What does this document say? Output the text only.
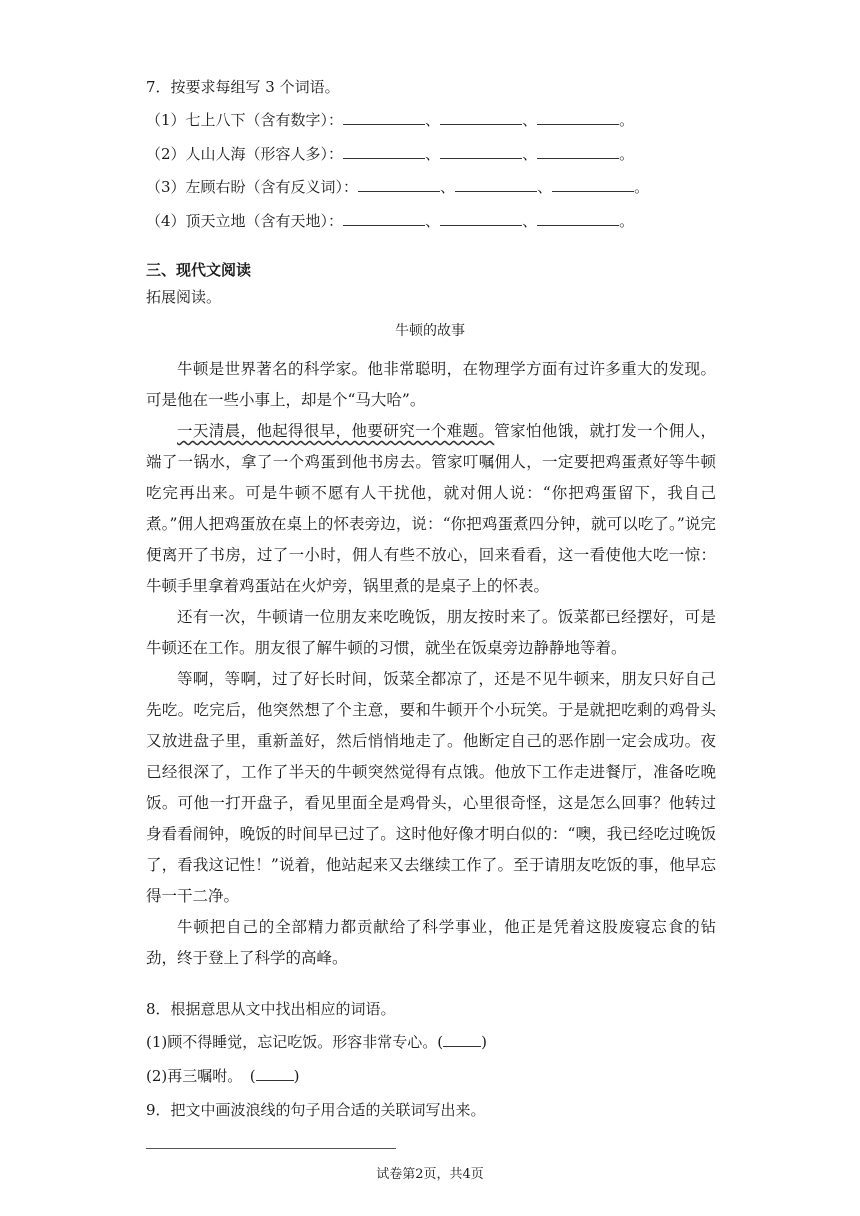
7．按要求每组写 3 个词语。
（1）七上八下（含有数字）：	、	、	。
（2）人山人海（形容人多）：	、	、	。
（3）左顾右盼（含有反义词）：	、	、	。
（4）顶天立地（含有天地）：	、	、	。
三、现代文阅读
拓展阅读。
牛顿的故事

牛顿是世界著名的科学家。他非常聪明，在物理学方面有过许多重大的发现。可是他在一些小事上，却是个“马大哈”。

一天清晨，他起得很早，他要研究一个难题。管家怕他饿，就打发一个佣人，端了一锅水，拿了一个鸡蛋到他书房去。管家叮嘱佣人，一定要把鸡蛋煮好等牛顿吃完再出来。可是牛顿不愿有人干扰他，就对佣人说：“你把鸡蛋留下，我自己煮。”佣人把鸡蛋放在桌上的怀表旁边，说：“你把鸡蛋煮四分钟，就可以吃了。”说完便离开了书房，过了一小时，佣人有些不放心，回来看看，这一看使他大吃一惊：牛顿手里拿着鸡蛋站在火炉旁，锅里煮的是桌子上的怀表。

还有一次，牛顿请一位朋友来吃晚饭，朋友按时来了。饭菜都已经摆好，可是牛顿还在工作。朋友很了解牛顿的习惯，就坐在饭桌旁边静静地等着。

等啊，等啊，过了好长时间，饭菜全都凉了，还是不见牛顿来，朋友只好自己先吃。吃完后，他突然想了个主意，要和牛顿开个小玩笑。于是就把吃剩的鸡骨头又放进盘子里，重新盖好，然后悄悄地走了。他断定自己的恶作剧一定会成功。夜已经很深了，工作了半天的牛顿突然觉得有点饿。他放下工作走进餐厅，准备吃晚饭。可他一打开盘子，看见里面全是鸡骨头，心里很奇怪，这是怎么回事？他转过身看看闹钟，晚饭的时间早已过了。这时他好像才明白似的：“噢，我已经吃过晚饭了，看我这记性！”说着，他站起来又去继续工作了。至于请朋友吃饭的事，他早忘得一干二净。

牛顿把自己的全部精力都贡献给了科学事业，他正是凭着这股废寝忘食的钻劲，终于登上了科学的高峰。

8．根据意思从文中找出相应的词语。
(1)顾不得睡觉，忘记吃饭。形容非常专心。(	)
(2)再三嘱咐。　(	)
9．把文中画波浪线的句子用合适的关联词写出来。
试卷第2页，共4页
